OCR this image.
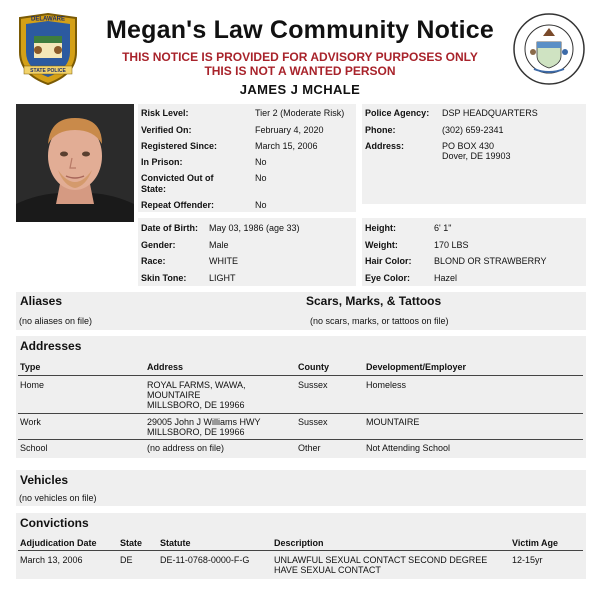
DELAWARE
STATE POLICE
Megan's Law Community Notice
THIS NOTICE IS PROVIDED FOR ADVISORY PURPOSES ONLY
THIS IS NOT A WANTED PERSON
JAMES J MCHALE
Risk Level:	Tier 2 (Moderate Risk)
Verified On:	February 4, 2020
Registered Since:	March 15, 2006
In Prison:	No
Convicted Out of State:
No
Repeat Offender:	No
Police Agency: DSP HEADQUARTERS
Phone:	(302) 659-2341
Address:	PO BOX 430
Dover, DE 19903
Date of Birth: May 03, 1986 (age 33)
Gender:	Male
Race:	WHITE
Skin Tone:	LIGHT
Height:	6' 1"
Weight:	170 LBS
Hair Color: BLOND OR STRAWBERRY
Eye Color:	Hazel
Aliases
(no aliases on file)
Scars, Marks, & Tattoos
(no scars, marks, or tattoos on file)
Addresses
Type	Address	County	Development/Employer
Home	ROYAL FARMS, WAWA,
MOUNTAIRE
MILLSBORO, DE 19966
Sussex	Homeless
Work	29005 John J Williams HWY
MILLSBORO, DE 19966
Sussex	MOUNTAIRE
School	(no address on file)	Other	Not Attending School
Vehicles
(no vehicles on file)
Convictions
Adjudication Date	State Statute	Description	Victim Age
March 13, 2006	DE	DE-11-0768-0000-F-G	UNLAWFUL SEXUAL CONTACT SECOND DEGREE
HAVE SEXUAL CONTACT
12-15yr
